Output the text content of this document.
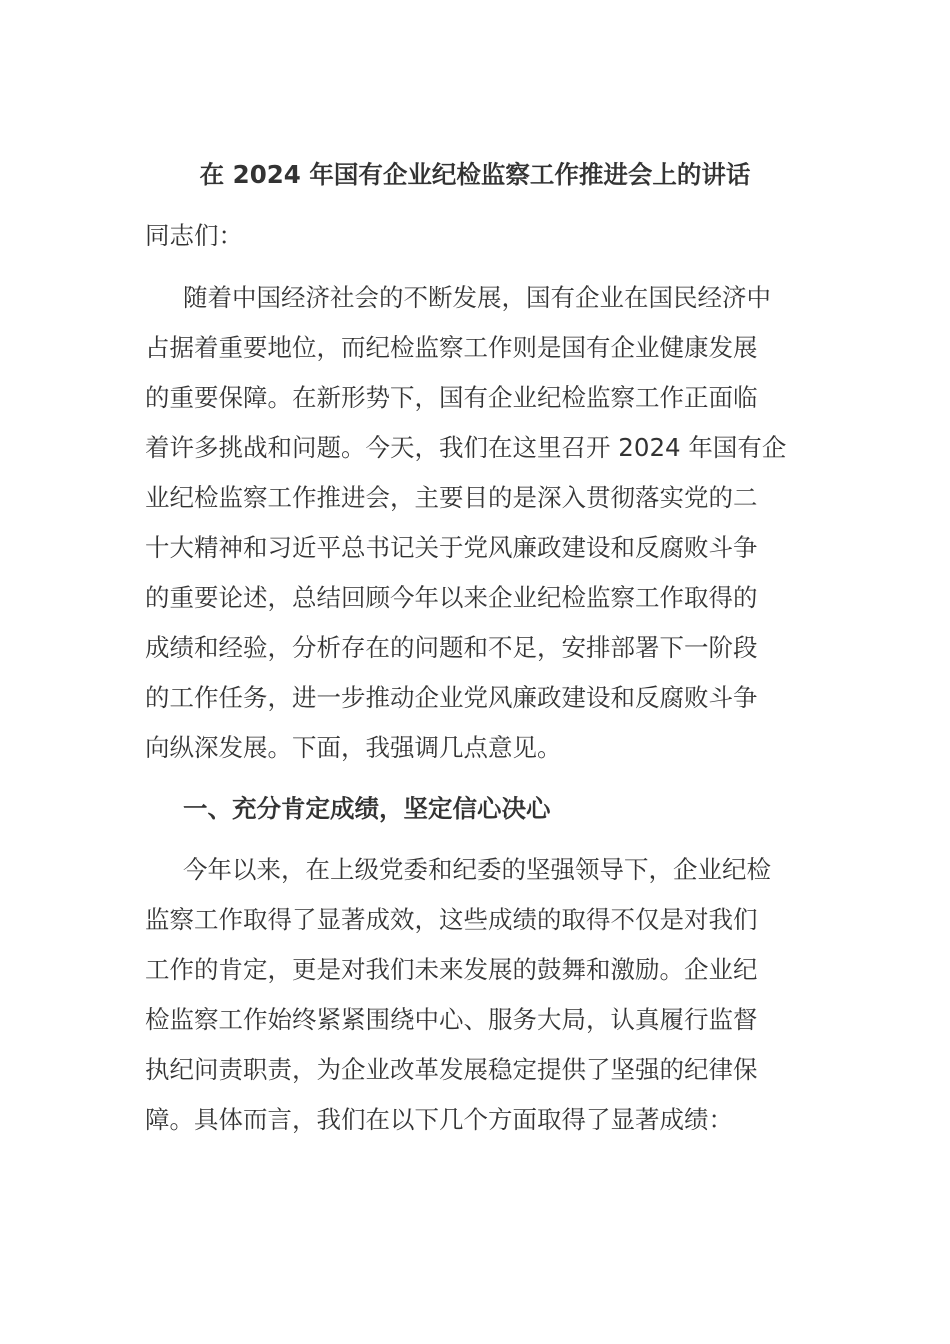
在 2024 年国有企业纪检监察工作推进会上的讲话
同志们：
随着中国经济社会的不断发展，国有企业在国民经济中
占据着重要地位，而纪检监察工作则是国有企业健康发展
的重要保障。在新形势下，国有企业纪检监察工作正面临
着许多挑战和问题。今天，我们在这里召开 2024 年国有企
业纪检监察工作推进会，主要目的是深入贯彻落实党的二
十大精神和习近平总书记关于党风廉政建设和反腐败斗争
的重要论述，总结回顾今年以来企业纪检监察工作取得的
成绩和经验，分析存在的问题和不足，安排部署下一阶段
的工作任务，进一步推动企业党风廉政建设和反腐败斗争
向纵深发展。下面，我强调几点意见。
一、充分肯定成绩，坚定信心决心
今年以来，在上级党委和纪委的坚强领导下，企业纪检
监察工作取得了显著成效，这些成绩的取得不仅是对我们
工作的肯定，更是对我们未来发展的鼓舞和激励。企业纪
检监察工作始终紧紧围绕中心、服务大局，认真履行监督
执纪问责职责，为企业改革发展稳定提供了坚强的纪律保
障。具体而言，我们在以下几个方面取得了显著成绩：
